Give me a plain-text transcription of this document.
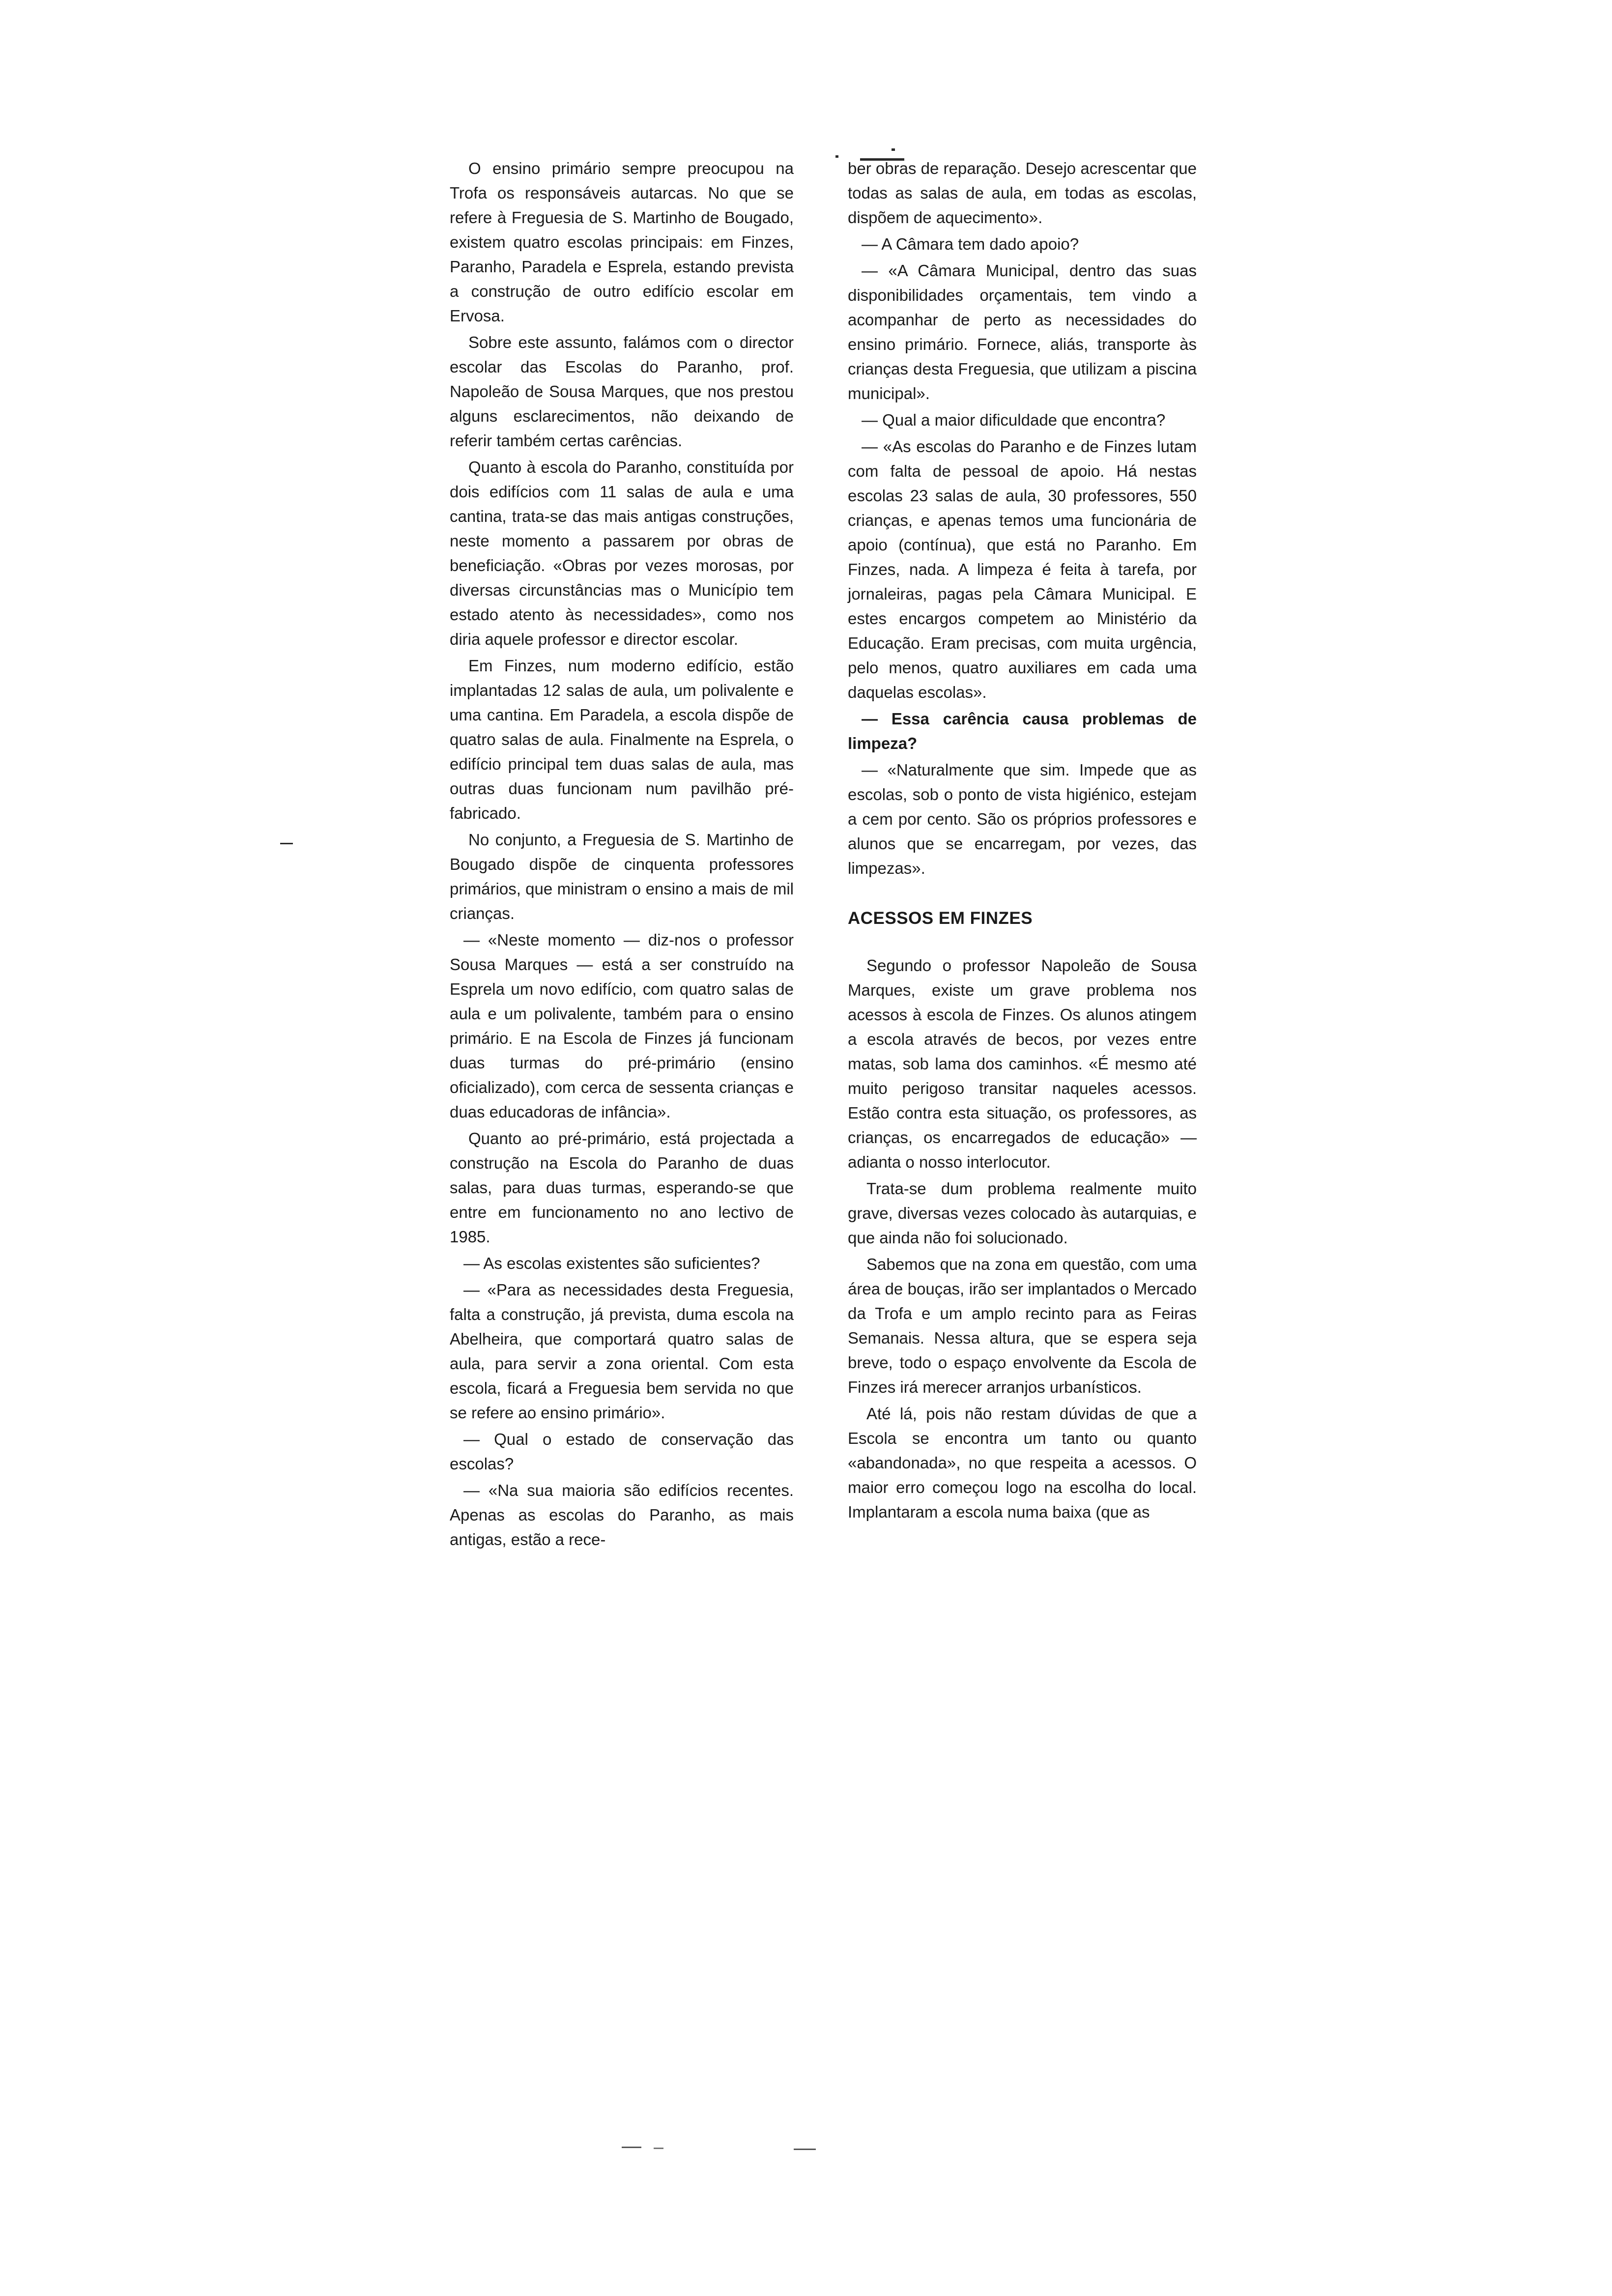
O ensino primário sempre preocupou na Trofa os responsáveis autarcas. No que se refere à Freguesia de S. Martinho de Bougado, existem quatro escolas principais: em Finzes, Paranho, Paradela e Esprela, estando prevista a construção de outro edifício escolar em Ervosa.

Sobre este assunto, falámos com o director escolar das Escolas do Paranho, prof. Napoleão de Sousa Marques, que nos prestou alguns esclarecimentos, não deixando de referir também certas carências.

Quanto à escola do Paranho, constituída por dois edifícios com 11 salas de aula e uma cantina, trata-se das mais antigas construções, neste momento a passarem por obras de beneficiação. «Obras por vezes morosas, por diversas circunstâncias mas o Município tem estado atento às necessidades», como nos diria aquele professor e director escolar.

Em Finzes, num moderno edifício, estão implantadas 12 salas de aula, um polivalente e uma cantina. Em Paradela, a escola dispõe de quatro salas de aula. Finalmente na Esprela, o edifício principal tem duas salas de aula, mas outras duas funcionam num pavilhão pré-fabricado.

No conjunto, a Freguesia de S. Martinho de Bougado dispõe de cinquenta professores primários, que ministram o ensino a mais de mil crianças.

— «Neste momento — diz-nos o professor Sousa Marques — está a ser construído na Esprela um novo edifício, com quatro salas de aula e um polivalente, também para o ensino primário. E na Escola de Finzes já funcionam duas turmas do pré-primário (ensino oficializado), com cerca de sessenta crianças e duas educadoras de infância».

Quanto ao pré-primário, está projectada a construção na Escola do Paranho de duas salas, para duas turmas, esperando-se que entre em funcionamento no ano lectivo de 1985.

— As escolas existentes são suficientes?

— «Para as necessidades desta Freguesia, falta a construção, já prevista, duma escola na Abelheira, que comportará quatro salas de aula, para servir a zona oriental. Com esta escola, ficará a Freguesia bem servida no que se refere ao ensino primário».

— Qual o estado de conservação das escolas?

— «Na sua maioria são edifícios recentes. Apenas as escolas do Paranho, as mais antigas, estão a rece-

ber obras de reparação. Desejo acrescentar que todas as salas de aula, em todas as escolas, dispõem de aquecimento».

— A Câmara tem dado apoio?

— «A Câmara Municipal, dentro das suas disponibilidades orçamentais, tem vindo a acompanhar de perto as necessidades do ensino primário. Fornece, aliás, transporte às crianças desta Freguesia, que utilizam a piscina municipal».

— Qual a maior dificuldade que encontra?

— «As escolas do Paranho e de Finzes lutam com falta de pessoal de apoio. Há nestas escolas 23 salas de aula, 30 professores, 550 crianças, e apenas temos uma funcionária de apoio (contínua), que está no Paranho. Em Finzes, nada. A limpeza é feita à tarefa, por jornaleiras, pagas pela Câmara Municipal. E estes encargos competem ao Ministério da Educação. Eram precisas, com muita urgência, pelo menos, quatro auxiliares em cada uma daquelas escolas».

— Essa carência causa problemas de limpeza?

— «Naturalmente que sim. Impede que as escolas, sob o ponto de vista higiénico, estejam a cem por cento. São os próprios professores e alunos que se encarregam, por vezes, das limpezas».

ACESSOS EM FINZES

Segundo o professor Napoleão de Sousa Marques, existe um grave problema nos acessos à escola de Finzes. Os alunos atingem a escola através de becos, por vezes entre matas, sob lama dos caminhos. «É mesmo até muito perigoso transitar naqueles acessos. Estão contra esta situação, os professores, as crianças, os encarregados de educação» — adianta o nosso interlocutor.

Trata-se dum problema realmente muito grave, diversas vezes colocado às autarquias, e que ainda não foi solucionado.

Sabemos que na zona em questão, com uma área de bouças, irão ser implantados o Mercado da Trofa e um amplo recinto para as Feiras Semanais. Nessa altura, que se espera seja breve, todo o espaço envolvente da Escola de Finzes irá merecer arranjos urbanísticos.

Até lá, pois não restam dúvidas de que a Escola se encontra um tanto ou quanto «abandonada», no que respeita a acessos. O maior erro começou logo na escolha do local. Implantaram a escola numa baixa (que as
